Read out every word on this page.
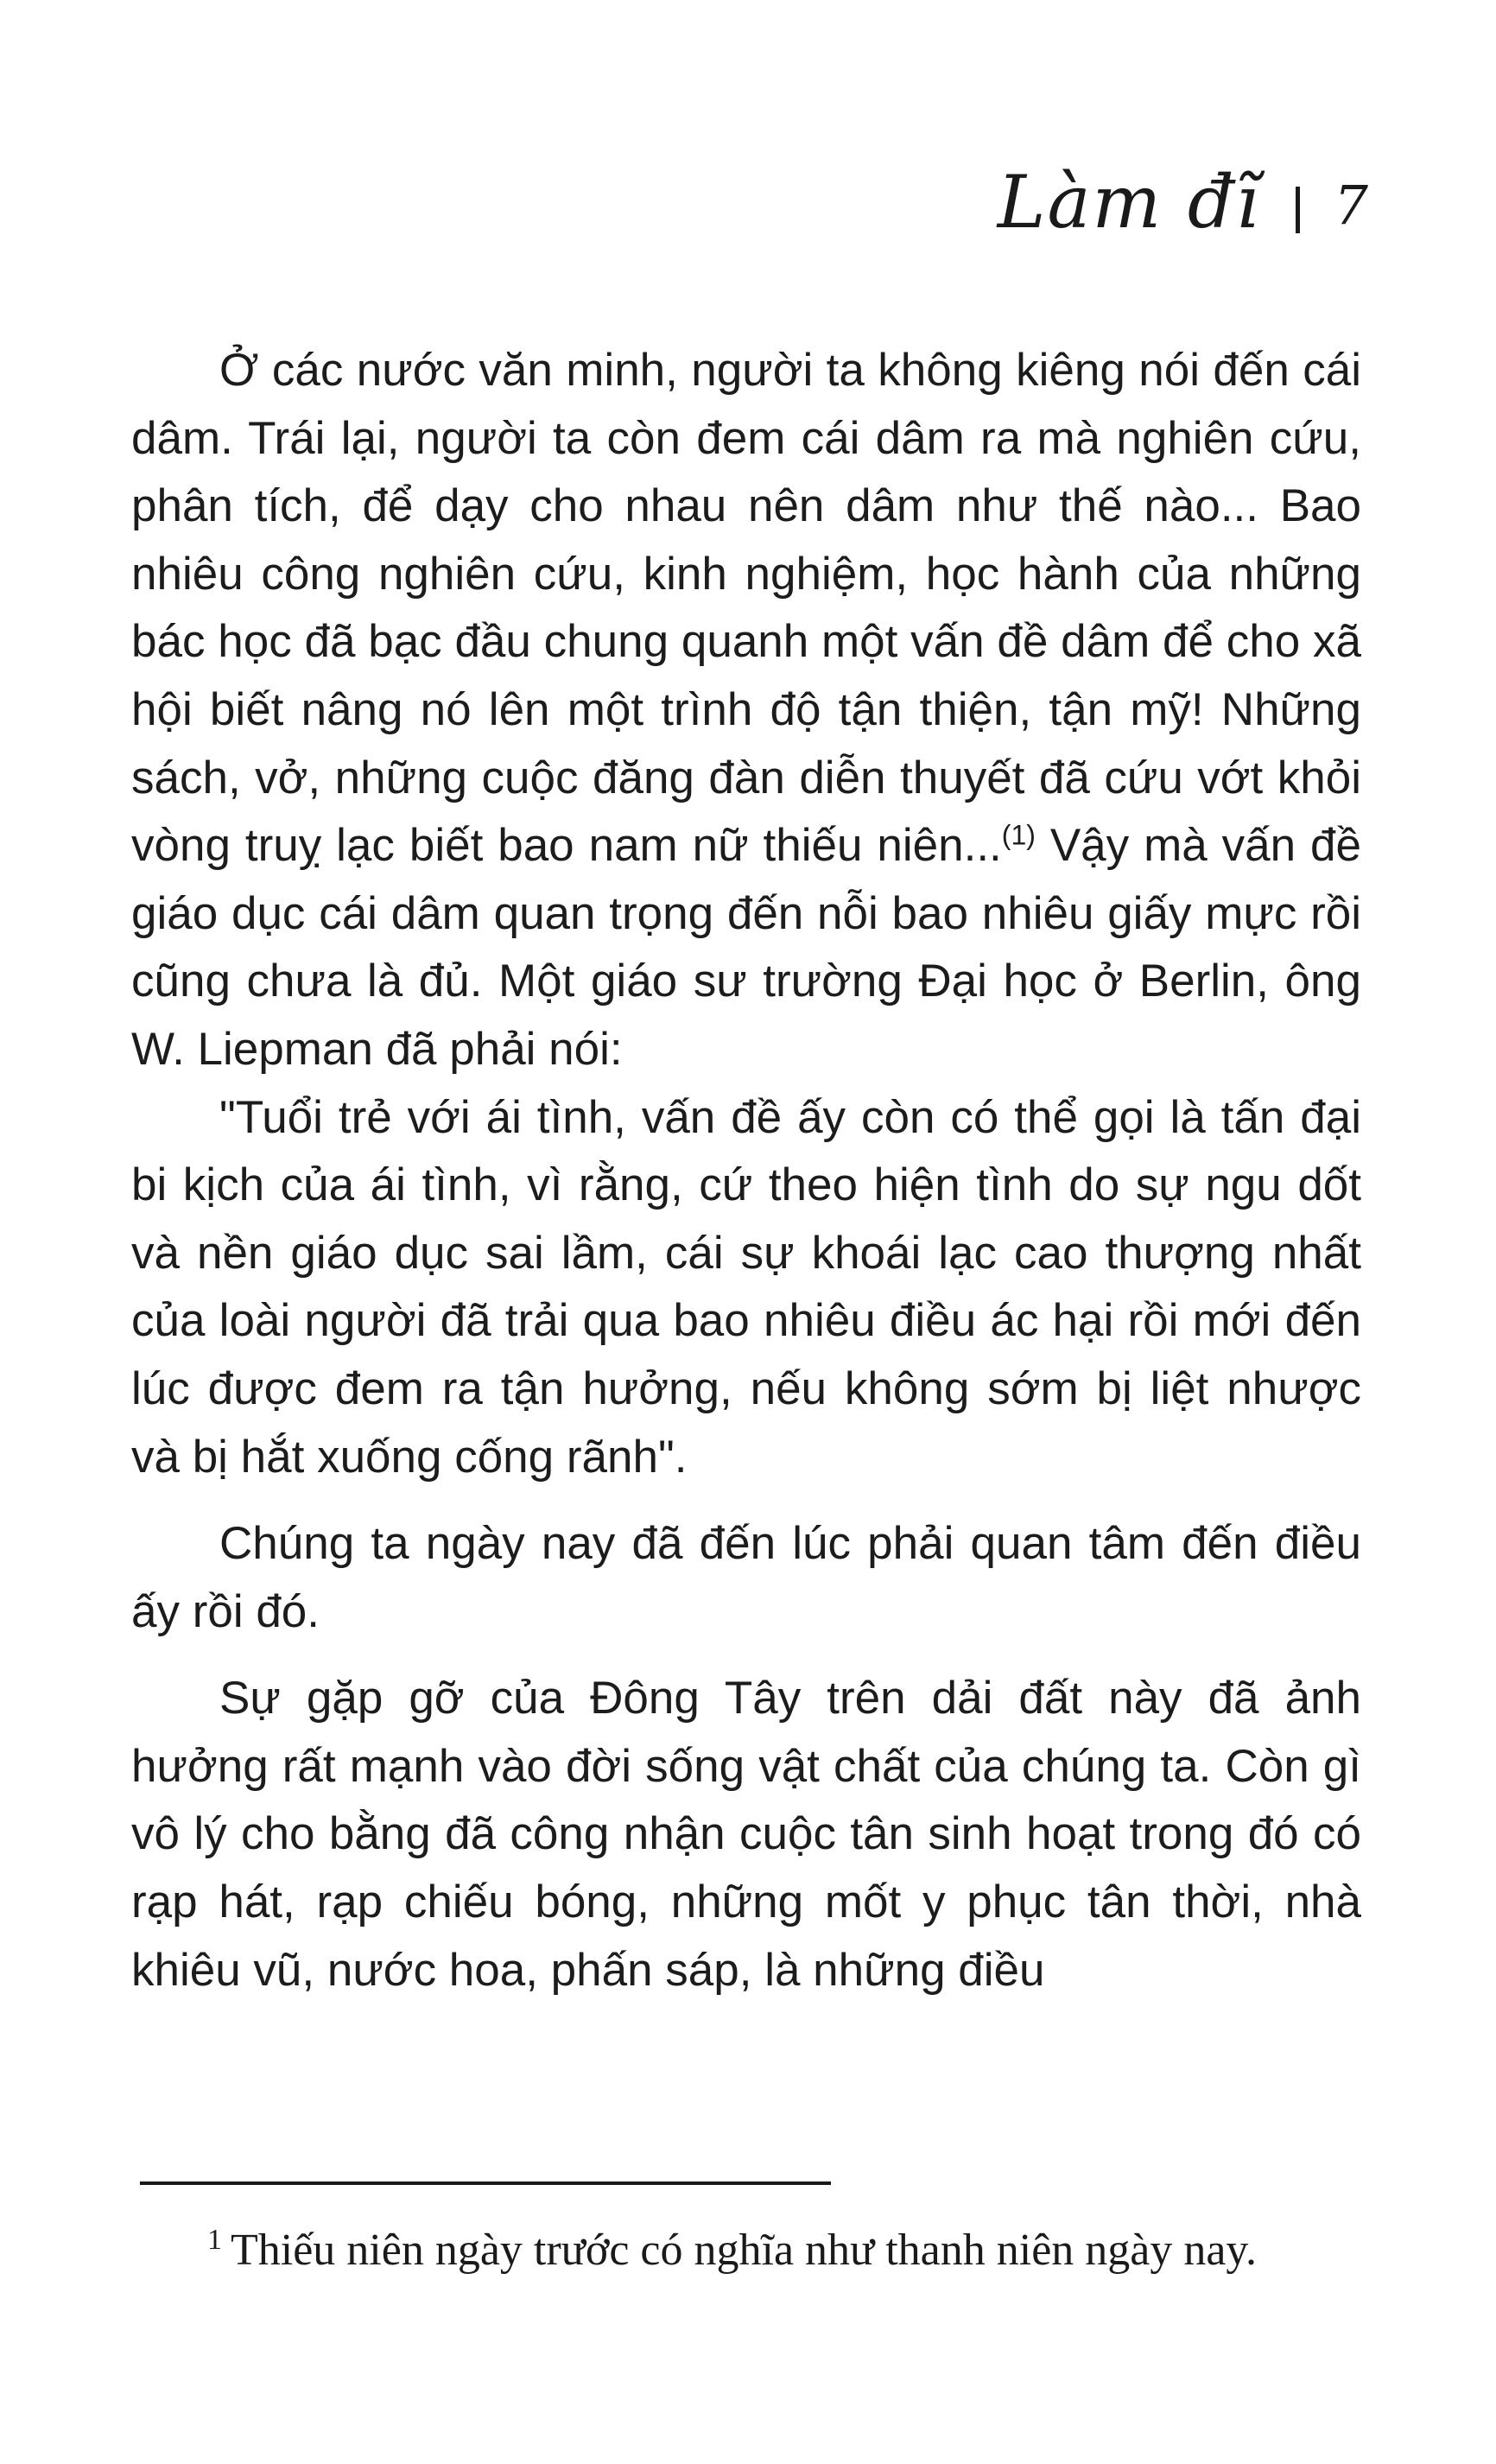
Làm đĩ 7

Ở các nước văn minh, người ta không kiêng nói đến cái dâm. Trái lại, người ta còn đem cái dâm ra mà nghiên cứu, phân tích, để dạy cho nhau nên dâm như thế nào... Bao nhiêu công nghiên cứu, kinh nghiệm, học hành của những bác học đã bạc đầu chung quanh một vấn đề dâm để cho xã hội biết nâng nó lên một trình độ tận thiện, tận mỹ! Những sách, vở, những cuộc đăng đàn diễn thuyết đã cứu vớt khỏi vòng truỵ lạc biết bao nam nữ thiếu niên...$^{(1)}$ Vậy mà vấn đề giáo dục cái dâm quan trọng đến nỗi bao nhiêu giấy mực rồi cũng chưa là đủ. Một giáo sư trường Đại học ở Berlin, ông W. Liepman đã phải nói:

"Tuổi trẻ với ái tình, vấn đề ấy còn có thể gọi là tấn đại bi kịch của ái tình, vì rằng, cứ theo hiện tình do sự ngu dốt và nền giáo dục sai lầm, cái sự khoái lạc cao thượng nhất của loài người đã trải qua bao nhiêu điều ác hại rồi mới đến lúc được đem ra tận hưởng, nếu không sớm bị liệt nhược và bị hắt xuống cống rãnh".

Chúng ta ngày nay đã đến lúc phải quan tâm đến điều ấy rồi đó.

Sự gặp gỡ của Đông Tây trên dải đất này đã ảnh hưởng rất mạnh vào đời sống vật chất của chúng ta. Còn gì vô lý cho bằng đã công nhận cuộc tân sinh hoạt trong đó có rạp hát, rạp chiếu bóng, những mốt y phục tân thời, nhà khiêu vũ, nước hoa, phấn sáp, là những điều

$^1$ Thiếu niên ngày trước có nghĩa như thanh niên ngày nay.
